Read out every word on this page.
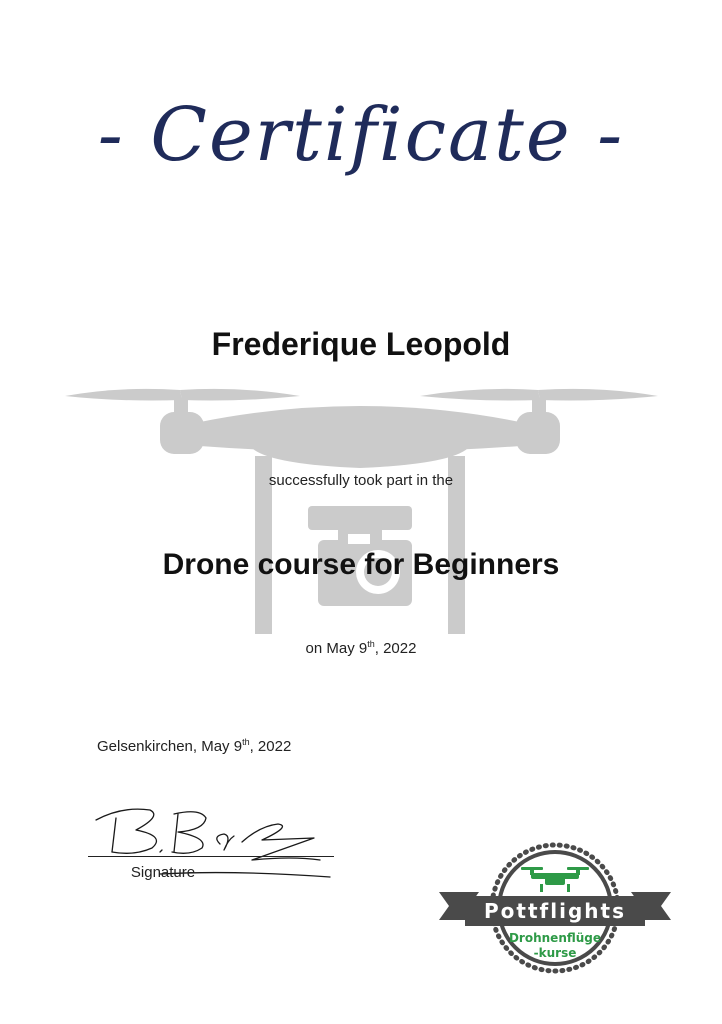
- Certificate -
Frederique Leopold
successfully took part in the
Drone course for Beginners
on May 9th, 2022
Gelsenkirchen, May 9th, 2022
B. Ba
Signature
Pottflights
Drohnenflüge
-kurse
